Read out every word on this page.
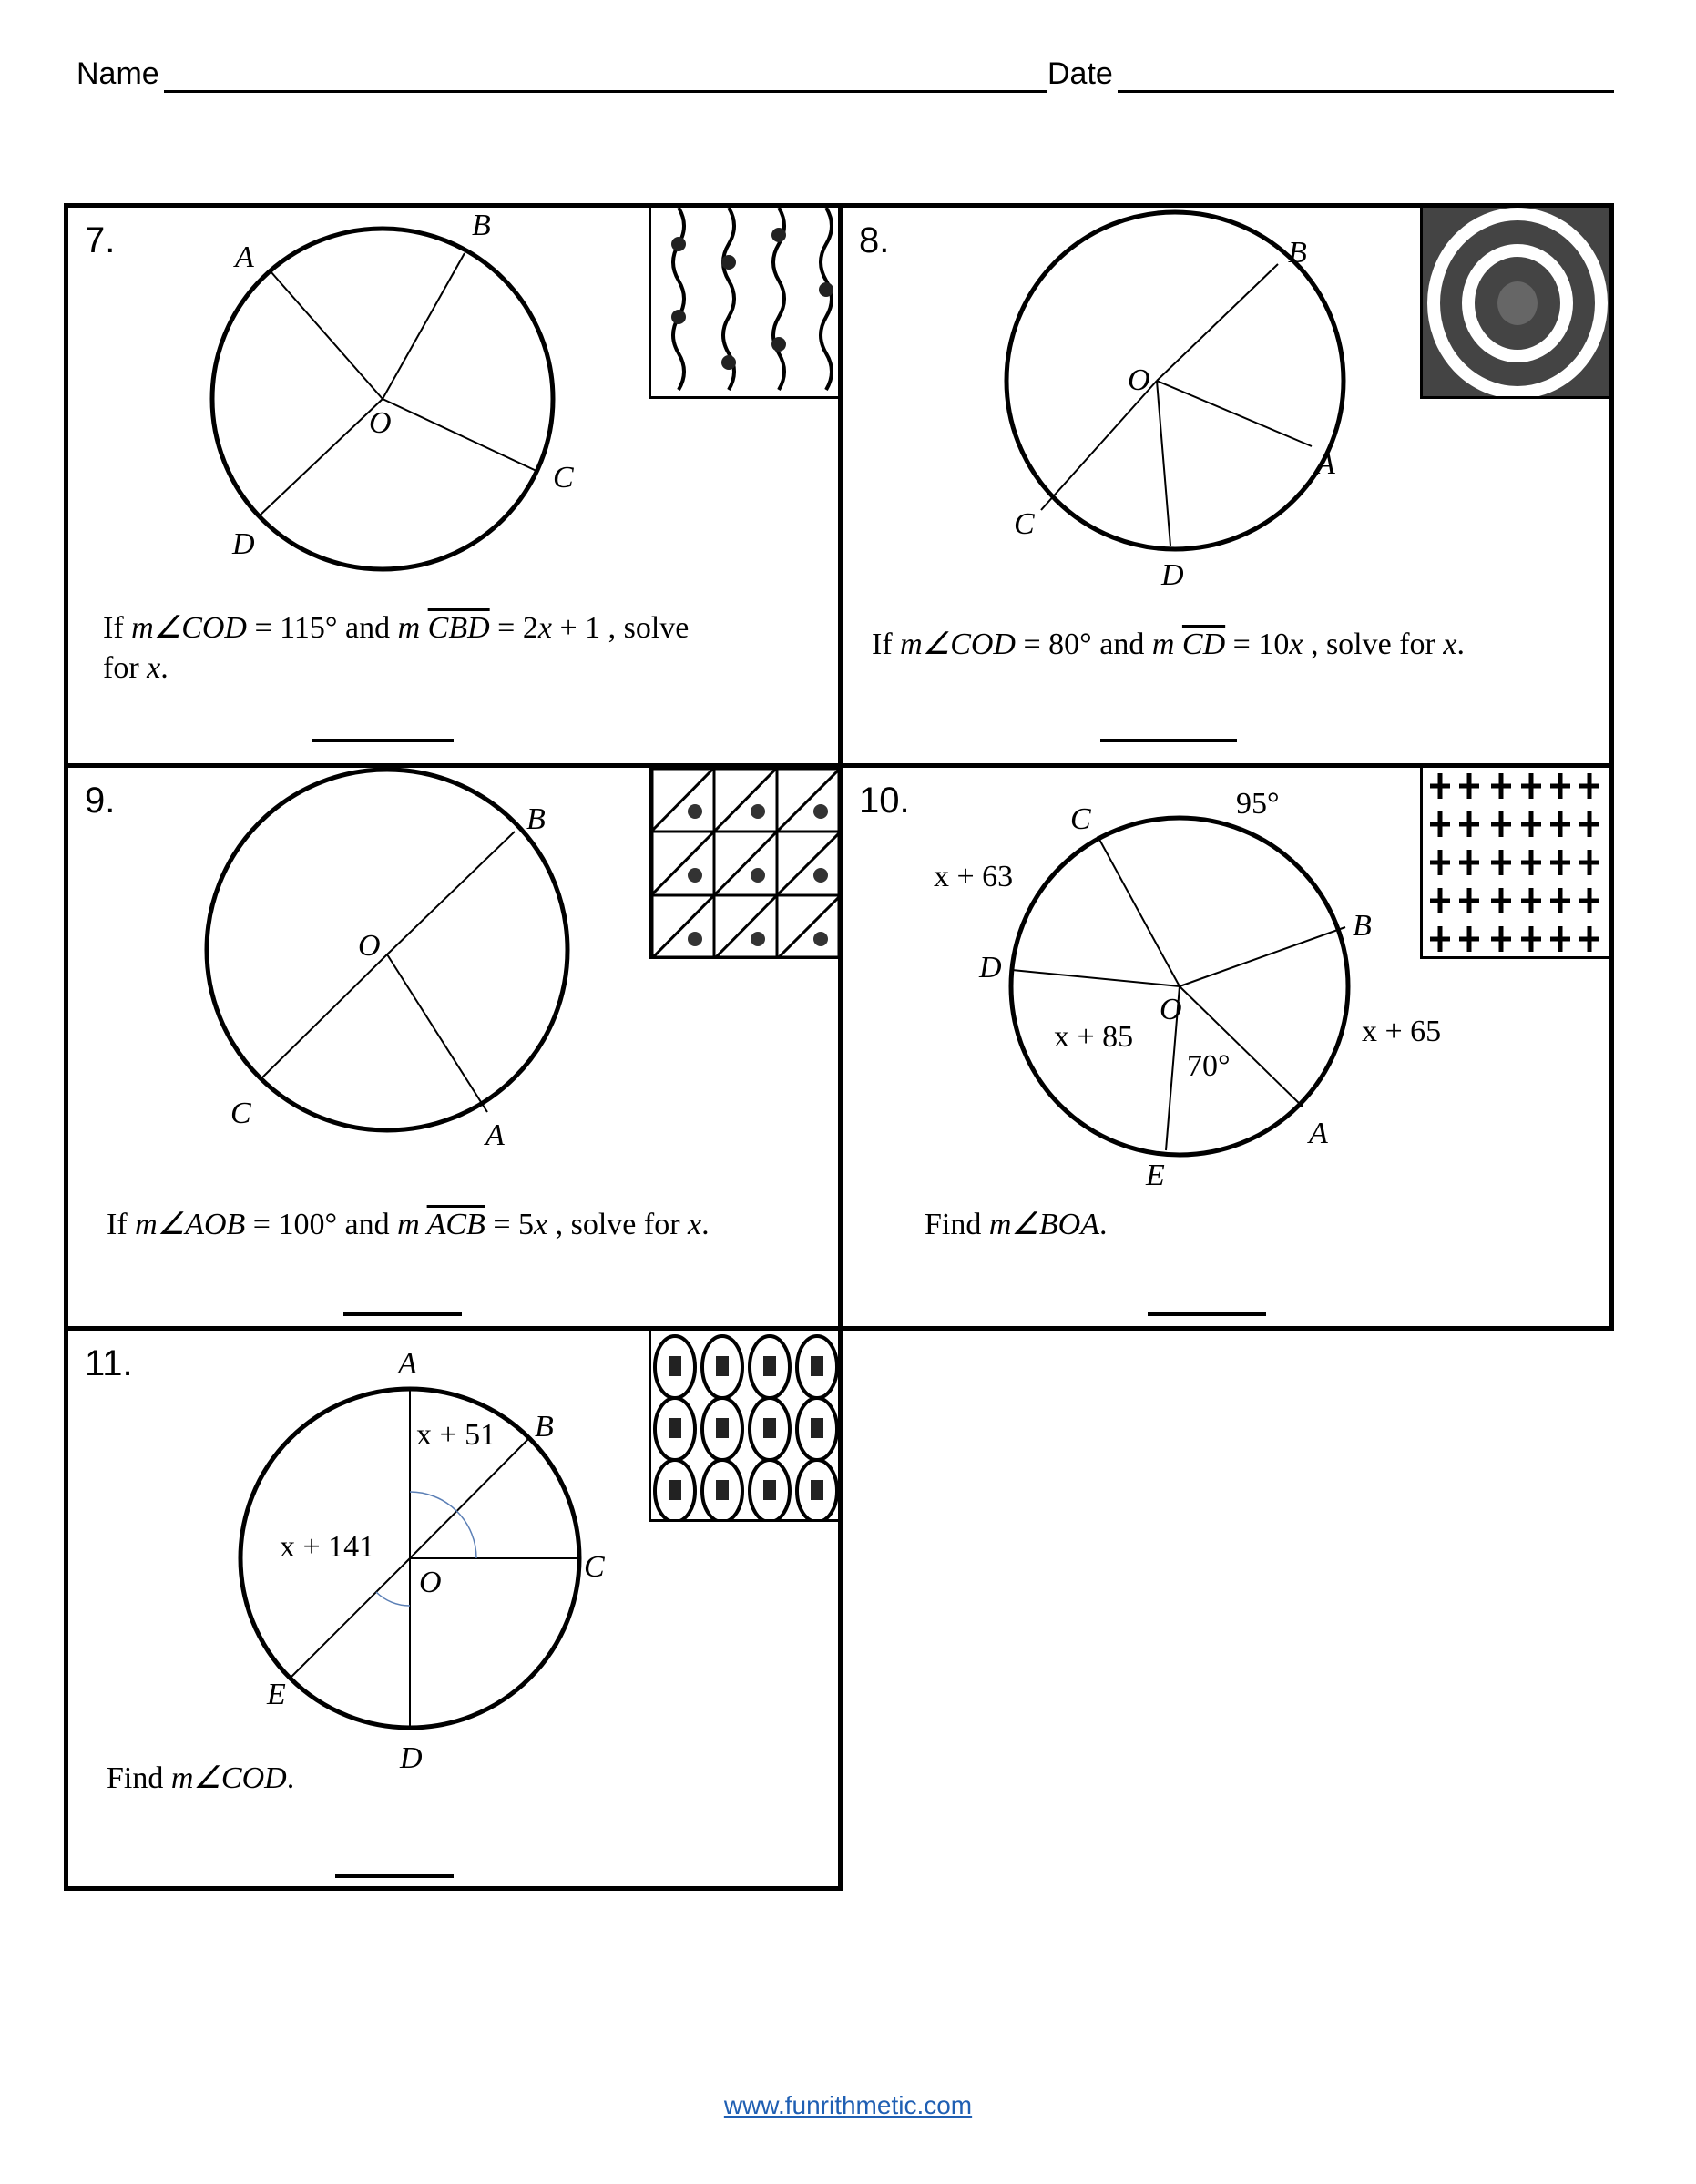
Name	Date
7.	A
B
C
D
O
If m∠COD = 115° and m $\overline{CBD} = 2x + 1$ , solve
for x.
8.	B
A
C
D
O
If m∠COD = 80° and m $\overline{CD} = 10x$ , solve for x.
9.	B
C
A
O
If m∠AOB = 100° and m $\overline{ACB} = 5x$ , solve for x.
10.	C
B
A
E
D
O
95°
x + 63
x + 65
x + 85
70°
Find m∠BOA.
11.	A
B
C
D
E
O
x + 51
x + 141
Find m∠COD.
www.funrithmetic.com
